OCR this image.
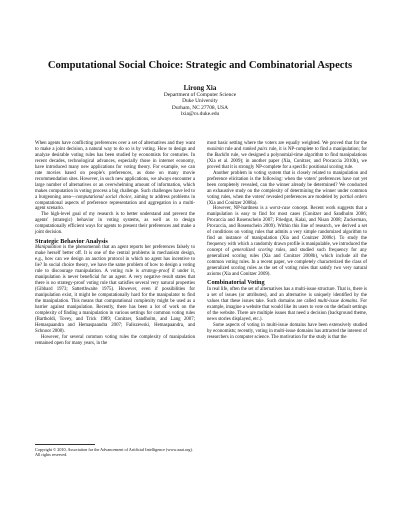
Computational Social Choice: Strategic and Combinatorial Aspects
Lirong Xia
Department of Computer Science
Duke University
Durham, NC 27708, USA
lxia@cs.duke.edu

When agents have conflicting preferences over a set of alternatives and they want to make a joint decision, a natural way to do so is by voting. How to design and analyze desirable voting rules has been studied by economists for centuries. In recent decades, technological advances, especially those in internet economy, have introduced many new applications for voting theory. For example, we can rate movies based on people's preferences, as done on many movie recommendation sites. However, in such new applications, we always encounter a large number of alternatives or an overwhelming amount of information, which makes computation in voting process a big challenge. Such challenges have led to a burgeoning area—computational social choice, aiming to address problems in computational aspects of preference representation and aggregation in a multi-agent scenario.

The high-level goal of my research is to better understand and prevent the agents' (strategic) behavior in voting systems, as well as to design computationally efficient ways for agents to present their preferences and make a joint decision.

Strategic Behavior Analysis

Manipulation is the phenomenon that an agent reports her preferences falsely to make herself better off. It is one of the central problems in mechanism design, e.g., how can we design an auction protocol in which no agent has incentive to lie? In social choice theory, we have the same problem of how to design a voting rule to discourage manipulation. A voting rule is strategy-proof if under it, manipulation is never beneficial for an agent. A very negative result states that there is no strategy-proof voting rule that satisfies several very natural properties (Gibbard 1973; Satterthwaite 1975). However, even if possibilities for manipulation exist, it might be computationally hard for the manipulator to find the manipulation. This means that computational complexity might be used as a barrier against manipulation. Recently, there has been a lot of work on the complexity of finding a manipulation in various settings for common voting rules (Bartholdi, Tovey, and Trick 1989; Conitzer, Sandholm, and Lang 2007; Hemaspaandra and Hemaspaandra 2007; Faliszewski, Hemaspaandra, and Schnoor 2008).

However, for several common voting rules the complexity of manipulation remained open for many years, in the

Copyright © 2010, Association for the Advancement of Artificial Intelligence (www.aaai.org). All rights reserved.

most basic setting where the voters are equally weighted. We proved that for the maximin rule and ranked pairs rule, it is NP-complete to find a manipulation; for the Bucklin rule, we designed a polynomial-time algorithm to find manipulations (Xia et al. 2009); in another paper (Xia, Conitzer, and Procaccia 2010b), we proved that it is strongly NP-complete for a specific positional scoring rule.

Another problem in voting system that is closely related to manipulation and preference elicitation is the following: when the voters' preferences have not yet been completely revealed, can the winner already be determined? We conducted an exhaustive study on the complexity of determining the winner under common voting rules, when the voters' revealed preferences are modeled by partial orders (Xia and Conitzer 2008a).

However, NP-hardness is a worst-case concept. Recent work suggests that a manipulation is easy to find for most cases (Conitzer and Sandholm 2006; Procaccia and Rosenschein 2007; Friedgut, Kalai, and Nisan 2008; Zuckerman, Procaccia, and Rosenschein 2009). Within this line of research, we derived a set of conditions on voting rules that admits a very simple randomized algorithm to find an instance of manipulation (Xia and Conitzer 2008c). To study the frequency with which a randomly drawn profile is manipulable, we introduced the concept of generalized scoring rules, and studied such frequency for any generalized scoring rules (Xia and Conitzer 2008b), which include all the common voting rules. In a recent paper, we completely characterized the class of generalized scoring rules as the set of voting rules that satisfy two very natural axioms (Xia and Conitzer 2009).

Combinatorial Voting

In real life, often the set of alternatives has a multi-issue structure. That is, there is a set of issues (or attributes), and an alternative is uniquely identified by the values that these issues take. Such domains are called multi-issue domains. For example, imagine a website that would like its users to vote on the default settings of the website. There are multiple issues that need a decision (background theme, news stories displayed, etc.).

Some aspects of voting in multi-issue domains have been extensively studied by economists; recently, voting in multi-issue domains has attracted the interest of researchers in computer science. The motivation for the study is that the
